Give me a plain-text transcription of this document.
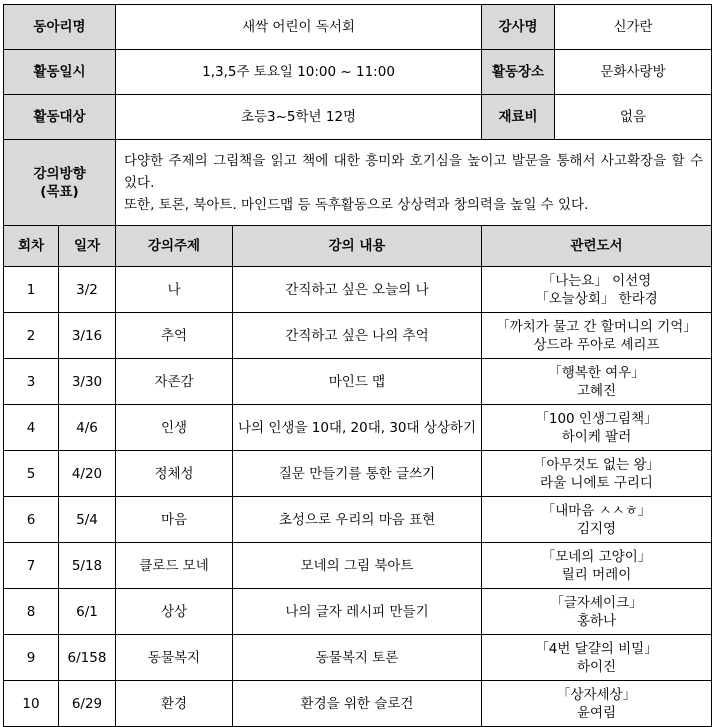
동아리명	새싹 어린이 독서회	강사명 신가란

활동일시	1,3,5주 토요일 10:00 ~ 11:00	활동장소 문화사랑방

활동대상	초등3~5학년 12명	재료비 없음

강의방향
(목표)	다양한 주제의 그림책을 읽고 책에 대한 흥미와 호기심을 높이고 발문을 통해서 사고확장을 할 수 있다.
또한, 토론, 북아트. 마인드맵 등 독후활동으로 상상력과 창의력을 높일 수 있다.	
회차	일자	강의주제	강의 내용	관련도서
1	3/2	나	간직하고 싶은 오늘의 나	「나는요」 이선영
「오늘상회」 한라경

2	3/16	추억	간직하고 싶은 나의 추억	「까치가 물고 간 할머니의 기억」
상드라 푸아로 셰리프

3	3/30	자존감	마인드 맵	「행복한 여우」
고혜진

4	4/6	인생	나의 인생을 10대, 20대, 30대 상상하기	「100 인생그림책」
하이케 팔러

5	4/20	정체성	질문 만들기를 통한 글쓰기	「아무것도 없는 왕」
라울 니에토 구리디

6	5/4	마음	초성으로 우리의 마음 표현	「내마음 ㅅㅅㅎ」
김지영

7	5/18	클로드 모네	모네의 그림 북아트	「모네의 고양이」
릴리 머레이

8	6/1	상상	나의 글자 레시피 만들기	「글자셰이크」
홍하나

9	6/158	동물복지	동물복지 토론	「4번 달걀의 비밀」
하이진

10	6/29	환경	환경을 위한 슬로건	「상자세상」
윤여림
